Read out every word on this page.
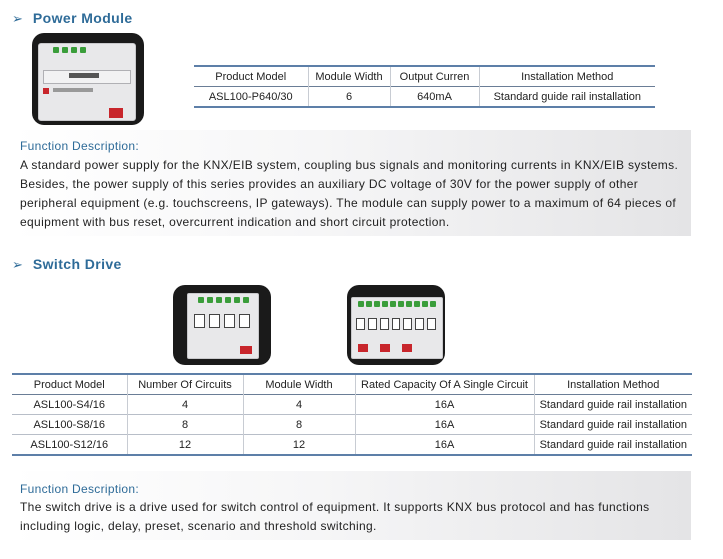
➢ Power Module
Product Model	Module Width	Output Curren	Installation Method
ASL100-P640/30	6	640mA	Standard guide rail installation

Function Description:

A standard power supply for the KNX/EIB system, coupling bus signals and monitoring currents in KNX/EIB systems. Besides, the power supply of this series provides an auxiliary DC voltage of 30V for the power supply of other peripheral equipment (e.g. touchscreens, IP gateways). The module can supply power to a maximum of 64 pieces of equipment with bus reset, overcurrent indication and short circuit protection.

➢ Switch Drive
Product Model	Number Of Circuits	Module Width	Rated Capacity Of A Single Circuit	Installation Method
ASL100-S4/16	4	4	16A	Standard guide rail installation
ASL100-S8/16	8	8	16A	Standard guide rail installation
ASL100-S12/16	12	12	16A	Standard guide rail installation

Function Description:

The switch drive is a drive used for switch control of equipment. It supports KNX bus protocol and has functions including logic, delay, preset, scenario and threshold switching.
